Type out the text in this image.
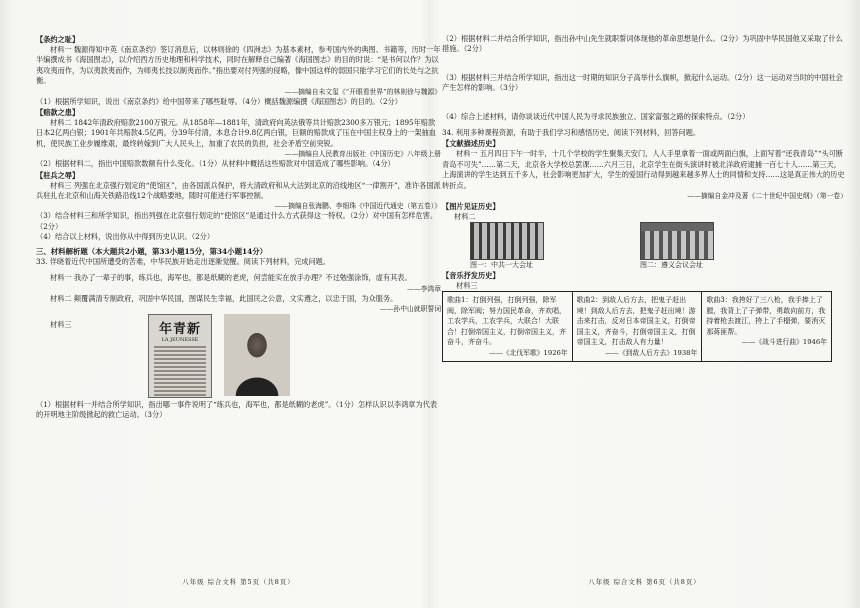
【条约之耻】

材料一 魏源得知中英《南京条约》签订消息后，以林则徐的《四洲志》为基本素材，参考国内外的典图、书籍等，历时一年半编撰成书《海国图志》，以介绍西方历史地理和科学技术，同时在解释自己编著《海国图志》的目的时说：“是书何以作？为以夷攻夷而作，为以夷款夷而作，为师夷长技以制夷而作。”指出要对付列强的侵略，像中国这样的弱国只能学习它们的长处与之抗衡。

——摘编自未文玺《“开眼看世界”的林则徐与魏源》

（1）根据所学知识，说出《南京条约》给中国带来了哪些耻辱。（4分）概括魏源编撰《海国图志》的目的。（2分）

【赔款之患】

材料二 1842年清政府赔款2100万银元。从1858年—1881年，清政府向英法俄等共计赔款2300多万银元；1895年赔款日本2亿两白银；1901年共赔款4.5亿两，分39年付清，本息合计9.8亿两白银，巨额的赔款成了压在中国主权身上的一架抽血机，使民族工业步履维艰，最终转嫁到广大人民头上，加重了农民的负担，社会矛盾空前突锐。

——摘编自人民教育出版社《中国历史》八年级上册

（2）根据材料二，指出中国赔款数额有什么变化。（1分）从材料中概括这些赔款对中国造成了哪些影响。（4分）

【驻兵之辱】

材料三 列强在北京强行划定的“使馆区”，由各国派兵保护，将大清政府和从大沽到北京的沿线地区“一律割开”，准许各国派兵驻扎在北京和山海关铁路沿线12个战略要地，随时可能进行军事控制。

——摘编自张海鹏、李细珠《中国近代通史（第五卷）》

（3）结合材料三和所学知识，指出列强在北京强行划定的“使馆区”是通过什么方式获得这一特权。（2分）对中国有怎样危害。（2分）

（4）结合以上材料，说出你从中得到历史认识。（2分）

三、材料解析题（本大题共2小题，第33小题15分，第34小题14分）

33. 佯晓着近代中国所遭受的苦难，中华民族开始走出逐渐觉醒。阅读下列材料，完成问题。

材料一 我办了一辈子的事，练兵也，海军也，都是纸糊的老虎，何尝能实在放手办理？不过勉强涂饰，虚有其表。

——李鸿章

材料二 颠覆满清专制政府，巩固中华民国，图谋民生幸福，此国民之公意，文实遵之，以忠于国，为众服务。

——孙中山就职誓词

材料三	年青新
LA JEUNESSE

（1）根据材料一并结合所学知识，指出哪一事件说明了“练兵也，海军也，都是纸糊的老虎”。（1分）怎样认识以李鸿章为代表的开明地主阶级掀起的救亡运动。（3分）

八年级 综合文科 第5页（共8页）

（2）根据材料二并结合所学知识，指出孙中山先生就职誓词体现他的革命思想是什么。（2分）为巩固中华民国他又采取了什么措施。（2分）

（3）根据材料三并结合所学知识，指出这一时期的知识分子高举什么旗帜，掀起什么运动。（2分）这一运动对当时的中国社会产生怎样的影响。（3分）

（4）综合上述材料，请你谈谈近代中国人民为寻求民族独立、国家富强之路的探索特点。（2分）

34. 利用多种课程资源，有助于我们学习和感悟历史。阅读下列材料，回答问题。

【文献描述历史】

材料一 五月四日下午一时半，十几个学校的学生聚集天安门，人人手里拿着一面或两面白旗，上面写着“还我青岛”“头可断青岛不可失”……第二天，北京各大学校总罢课……六月三日，北京学生在街头演讲时被北洋政府逮捕一百七十人……第三天，上海演讲的学生达到五千多人，社会影响更加扩大，学生的爱国行动得到越来越多界人士的同情和支持……这是真正伟大的历史转折点。

——摘编自金冲及著《二十世纪中国史纲》（第一卷）

【图片见证历史】

材料二

图一：中共一大会址	图二：遵义会议会址
【音乐抒发历史】

材料三

歌曲1：打倒列强，打倒列强，除军阀，除军阀；努力国民革命，齐欢唱，工农学兵，工农学兵，大联合！大联合！打倒帝国主义，打倒帝国主义，齐奋斗，齐奋斗。
——《北伐军歌》1926年

歌曲2：到敌人后方去，把鬼子赶出境！到敌人后方去，把鬼子赶出境！游击来打击，反对日本帝国主义，打倒帝国主义，齐奋斗，打倒帝国主义，打倒帝国主义，打击敌人有力量！
——《到敌人后方去》1938年

歌曲3：我挎好了三八枪，我手捧上了膛，我背上了子弹带，勇敢向前方，我持着枪去渡江，挎上了手榴弹，要消灭那蒋匪帮。
——《战斗进行曲》1946年
八年级 综合文科 第6页（共8页）
